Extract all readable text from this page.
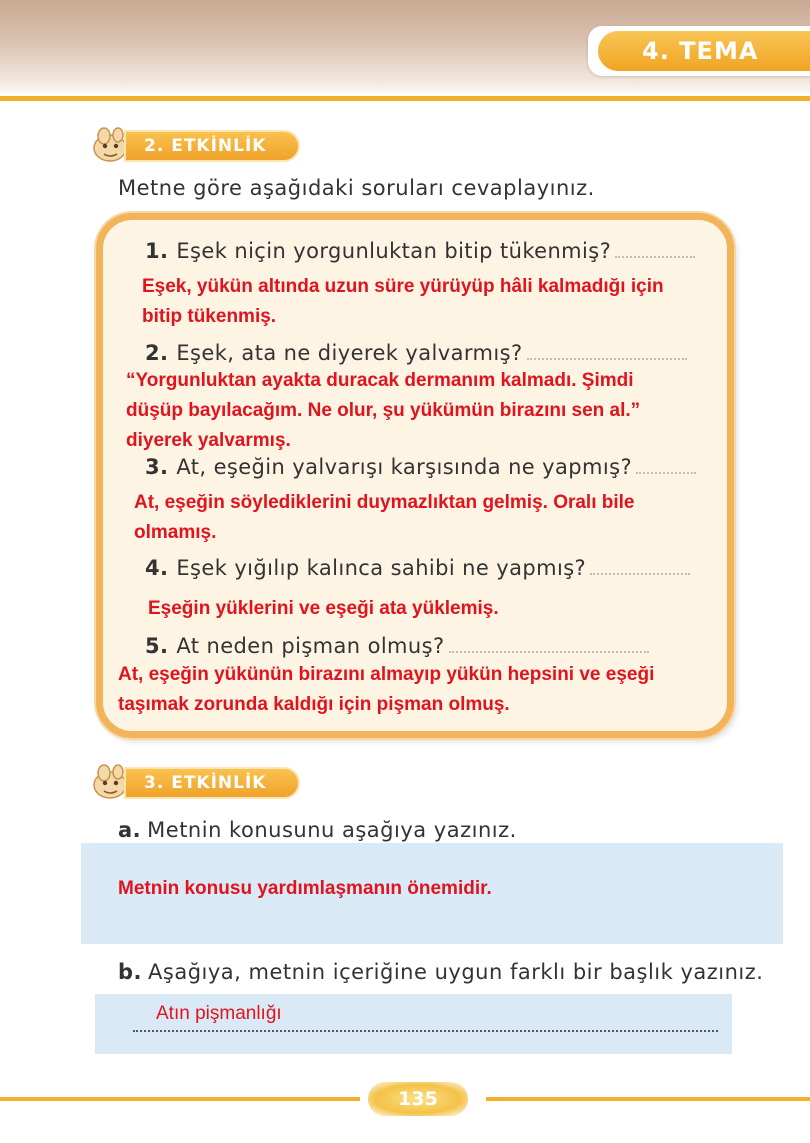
4. TEMA
2. ETKİNLİK
Metne göre aşağıdaki soruları cevaplayınız.
1. Eşek niçin yorgunluktan bitip tükenmiş?
Eşek, yükün altında uzun süre yürüyüp hâli kalmadığı için
bitip tükenmiş.
2. Eşek, ata ne diyerek yalvarmış?
“Yorgunluktan ayakta duracak dermanım kalmadı. Şimdi
düşüp bayılacağım. Ne olur, şu yükümün birazını sen al.”
diyerek yalvarmış.
3. At, eşeğin yalvarışı karşısında ne yapmış?
At, eşeğin söylediklerini duymazlıktan gelmiş. Oralı bile
olmamış.
4. Eşek yığılıp kalınca sahibi ne yapmış?
Eşeğin yüklerini ve eşeği ata yüklemiş.
5. At neden pişman olmuş?
At, eşeğin yükünün birazını almayıp yükün hepsini ve eşeği
taşımak zorunda kaldığı için pişman olmuş.
3. ETKİNLİK
a. Metnin konusunu aşağıya yazınız.
Metnin konusu yardımlaşmanın önemidir.
b. Aşağıya, metnin içeriğine uygun farklı bir başlık yazınız.
Atın pişmanlığı
135
